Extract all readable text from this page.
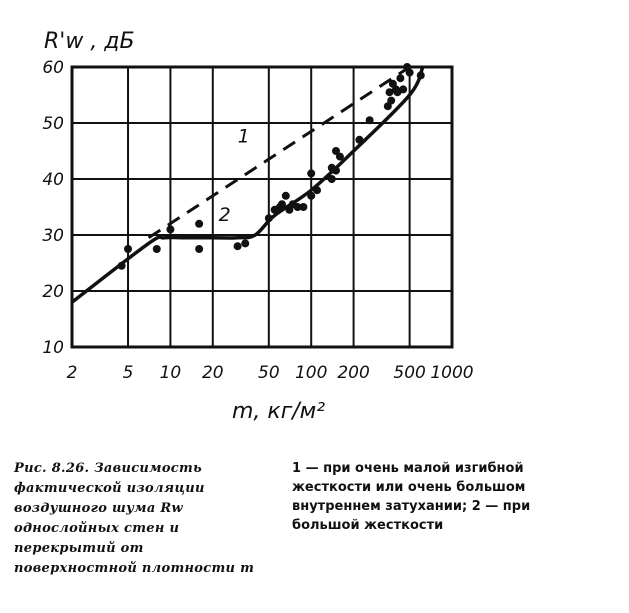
2	5 10 20 50 100 200 500 1000
10
20
30
40
50
60
R'w , дБ
m, кг/м²
1
2
Рис. 8.26. Зависимость фактической изоляции воздушного шума Rw однослойных стен и перекрытий от поверхностной плотности m
1 — при очень малой изгибной жесткости или очень большом внутреннем затухании; 2 — при большой жесткости
